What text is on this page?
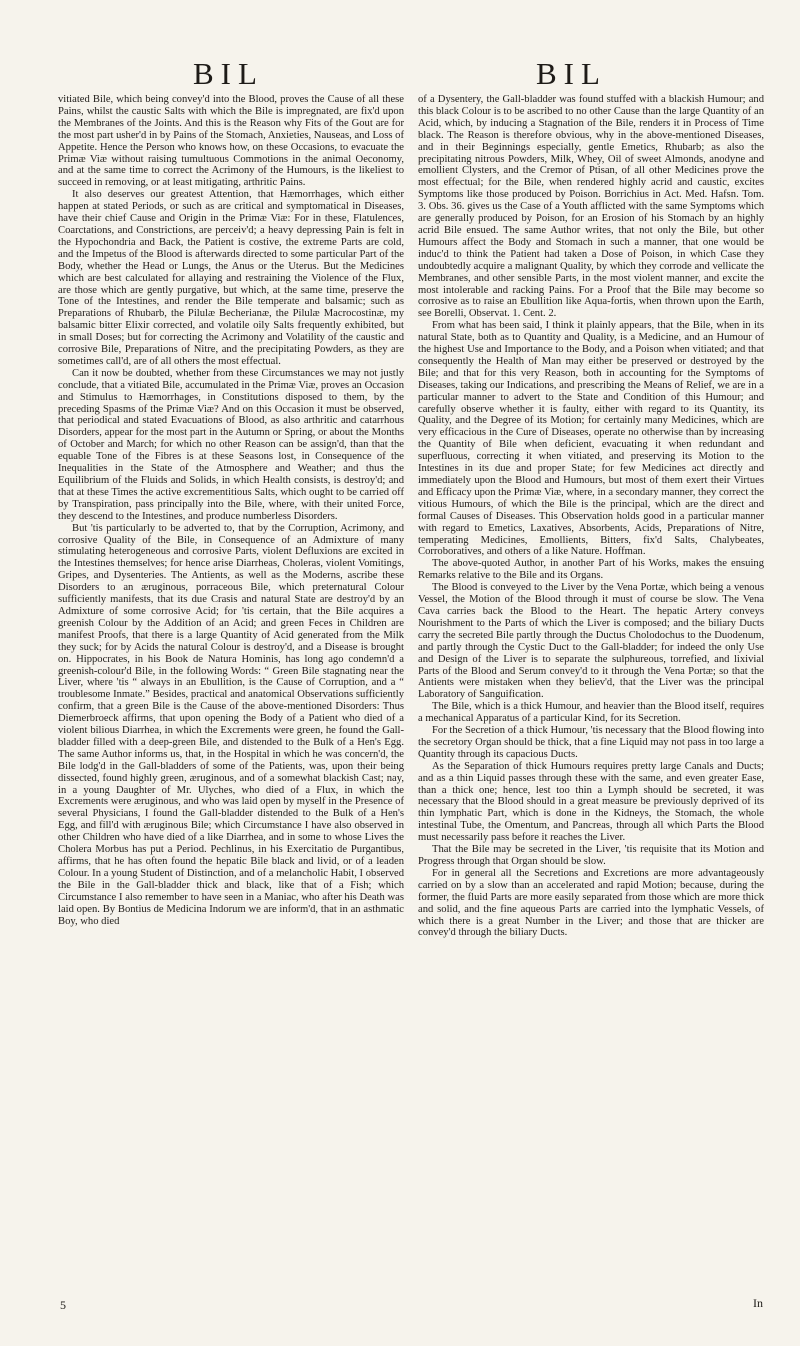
BIL	BIL

vitiated Bile, which being convey'd into the Blood, proves the Cause of all these Pains, whilst the caustic Salts with which the Bile is impregnated, are fix'd upon the Membranes of the Joints. And this is the Reason why Fits of the Gout are for the most part usher'd in by Pains of the Stomach, Anxieties, Nauseas, and Loss of Appetite. Hence the Person who knows how, on these Occasions, to evacuate the Primæ Viæ without raising tumultuous Commotions in the animal Oeconomy, and at the same time to correct the Acrimony of the Humours, is the likeliest to succeed in removing, or at least mitigating, arthritic Pains.

It also deserves our greatest Attention, that Hæmorrhages, which either happen at stated Periods, or such as are critical and symptomatical in Diseases, have their chief Cause and Origin in the Primæ Viæ: For in these, Flatulences, Coarctations, and Constrictions, are perceiv'd; a heavy depressing Pain is felt in the Hypochondria and Back, the Patient is costive, the extreme Parts are cold, and the Impetus of the Blood is afterwards directed to some particular Part of the Body, whether the Head or Lungs, the Anus or the Uterus. But the Medicines which are best calculated for allaying and restraining the Violence of the Flux, are those which are gently purgative, but which, at the same time, preserve the Tone of the Intestines, and render the Bile temperate and balsamic; such as Preparations of Rhubarb, the Pilulæ Becherianæ, the Pilulæ Macrocostinæ, my balsamic bitter Elixir corrected, and volatile oily Salts frequently exhibited, but in small Doses; but for correcting the Acrimony and Volatility of the caustic and corrosive Bile, Preparations of Nitre, and the precipitating Powders, as they are sometimes call'd, are of all others the most effectual.

Can it now be doubted, whether from these Circumstances we may not justly conclude, that a vitiated Bile, accumulated in the Primæ Viæ, proves an Occasion and Stimulus to Hæmorrhages, in Constitutions disposed to them, by the preceding Spasms of the Primæ Viæ? And on this Occasion it must be observed, that periodical and stated Evacuations of Blood, as also arthritic and catarrhous Disorders, appear for the most part in the Autumn or Spring, or about the Months of October and March; for which no other Reason can be assign'd, than that the equable Tone of the Fibres is at these Seasons lost, in Consequence of the Inequalities in the State of the Atmosphere and Weather; and thus the Equilibrium of the Fluids and Solids, in which Health consists, is destroy'd; and that at these Times the active excrementitious Salts, which ought to be carried off by Transpiration, pass principally into the Bile, where, with their united Force, they descend to the Intestines, and produce numberless Disorders.

But 'tis particularly to be adverted to, that by the Corruption, Acrimony, and corrosive Quality of the Bile, in Consequence of an Admixture of many stimulating heterogeneous and corrosive Parts, violent Defluxions are excited in the Intestines themselves; for hence arise Diarrheas, Choleras, violent Vomitings, Gripes, and Dysenteries. The Antients, as well as the Moderns, ascribe these Disorders to an æruginous, porraceous Bile, which preternatural Colour sufficiently manifests, that its due Crasis and natural State are destroy'd by an Admixture of some corrosive Acid; for 'tis certain, that the Bile acquires a greenish Colour by the Addition of an Acid; and green Feces in Children are manifest Proofs, that there is a large Quantity of Acid generated from the Milk they suck; for by Acids the natural Colour is destroy'd, and a Disease is brought on. Hippocrates, in his Book de Natura Hominis, has long ago condemn'd a greenish-colour'd Bile, in the following Words: “ Green Bile stagnating near the Liver, where 'tis “ always in an Ebullition, is the Cause of Corruption, and a “ troublesome Inmate.” Besides, practical and anatomical Observations sufficiently confirm, that a green Bile is the Cause of the above-mentioned Disorders: Thus Diemerbroeck affirms, that upon opening the Body of a Patient who died of a violent bilious Diarrhea, in which the Excrements were green, he found the Gall-bladder filled with a deep-green Bile, and distended to the Bulk of a Hen's Egg. The same Author informs us, that, in the Hospital in which he was concern'd, the Bile lodg'd in the Gall-bladders of some of the Patients, was, upon their being dissected, found highly green, æruginous, and of a somewhat blackish Cast; nay, in a young Daughter of Mr. Ulyches, who died of a Flux, in which the Excrements were æruginous, and who was laid open by myself in the Presence of several Physicians, I found the Gall-bladder distended to the Bulk of a Hen's Egg, and fill'd with æruginous Bile; which Circumstance I have also observed in other Children who have died of a like Diarrhea, and in some to whose Lives the Cholera Morbus has put a Period. Pechlinus, in his Exercitatio de Purgantibus, affirms, that he has often found the hepatic Bile black and livid, or of a leaden Colour. In a young Student of Distinction, and of a melancholic Habit, I observed the Bile in the Gall-bladder thick and black, like that of a Fish; which Circumstance I also remember to have seen in a Maniac, who after his Death was laid open. By Bontius de Medicina Indorum we are inform'd, that in an asthmatic Boy, who died

of a Dysentery, the Gall-bladder was found stuffed with a blackish Humour; and this black Colour is to be ascribed to no other Cause than the large Quantity of an Acid, which, by inducing a Stagnation of the Bile, renders it in Process of Time black. The Reason is therefore obvious, why in the above-mentioned Diseases, and in their Beginnings especially, gentle Emetics, Rhubarb; as also the precipitating nitrous Powders, Milk, Whey, Oil of sweet Almonds, anodyne and emollient Clysters, and the Cremor of Ptisan, of all other Medicines prove the most effectual; for the Bile, when rendered highly acrid and caustic, excites Symptoms like those produced by Poison. Borrichius in Act. Med. Hafsn. Tom. 3. Obs. 36. gives us the Case of a Youth afflicted with the same Symptoms which are generally produced by Poison, for an Erosion of his Stomach by an highly acrid Bile ensued. The same Author writes, that not only the Bile, but other Humours affect the Body and Stomach in such a manner, that one would be induc'd to think the Patient had taken a Dose of Poison, in which Case they undoubtedly acquire a malignant Quality, by which they corrode and vellicate the Membranes, and other sensible Parts, in the most violent manner, and excite the most intolerable and racking Pains. For a Proof that the Bile may become so corrosive as to raise an Ebullition like Aqua-fortis, when thrown upon the Earth, see Borelli, Observat. 1. Cent. 2.

From what has been said, I think it plainly appears, that the Bile, when in its natural State, both as to Quantity and Quality, is a Medicine, and an Humour of the highest Use and Importance to the Body, and a Poison when vitiated; and that consequently the Health of Man may either be preserved or destroyed by the Bile; and that for this very Reason, both in accounting for the Symptoms of Diseases, taking our Indications, and prescribing the Means of Relief, we are in a particular manner to advert to the State and Condition of this Humour; and carefully observe whether it is faulty, either with regard to its Quantity, its Quality, and the Degree of its Motion; for certainly many Medicines, which are very efficacious in the Cure of Diseases, operate no otherwise than by increasing the Quantity of Bile when deficient, evacuating it when redundant and superfluous, correcting it when vitiated, and preserving its Motion to the Intestines in its due and proper State; for few Medicines act directly and immediately upon the Blood and Humours, but most of them exert their Virtues and Efficacy upon the Primæ Viæ, where, in a secondary manner, they correct the vitious Humours, of which the Bile is the principal, which are the direct and formal Causes of Diseases. This Observation holds good in a particular manner with regard to Emetics, Laxatives, Absorbents, Acids, Preparations of Nitre, temperating Medicines, Emollients, Bitters, fix'd Salts, Chalybeates, Corroboratives, and others of a like Nature. Hoffman.

The above-quoted Author, in another Part of his Works, makes the ensuing Remarks relative to the Bile and its Organs.

The Blood is conveyed to the Liver by the Vena Portæ, which being a venous Vessel, the Motion of the Blood through it must of course be slow. The Vena Cava carries back the Blood to the Heart. The hepatic Artery conveys Nourishment to the Parts of which the Liver is composed; and the biliary Ducts carry the secreted Bile partly through the Ductus Cholodochus to the Duodenum, and partly through the Cystic Duct to the Gall-bladder; for indeed the only Use and Design of the Liver is to separate the sulphureous, torrefied, and lixivial Parts of the Blood and Serum convey'd to it through the Vena Portæ; so that the Antients were mistaken when they believ'd, that the Liver was the principal Laboratory of Sanguification.

The Bile, which is a thick Humour, and heavier than the Blood itself, requires a mechanical Apparatus of a particular Kind, for its Secretion.

For the Secretion of a thick Humour, 'tis necessary that the Blood flowing into the secretory Organ should be thick, that a fine Liquid may not pass in too large a Quantity through its capacious Ducts.

As the Separation of thick Humours requires pretty large Canals and Ducts; and as a thin Liquid passes through these with the same, and even greater Ease, than a thick one; hence, lest too thin a Lymph should be secreted, it was necessary that the Blood should in a great measure be previously deprived of its thin lymphatic Part, which is done in the Kidneys, the Stomach, the whole intestinal Tube, the Omentum, and Pancreas, through all which Parts the Blood must necessarily pass before it reaches the Liver.

That the Bile may be secreted in the Liver, 'tis requisite that its Motion and Progress through that Organ should be slow.

For in general all the Secretions and Excretions are more advantageously carried on by a slow than an accelerated and rapid Motion; because, during the former, the fluid Parts are more easily separated from those which are more thick and solid, and the fine aqueous Parts are carried into the lymphatic Vessels, of which there is a great Number in the Liver; and those that are thicker are convey'd through the biliary Ducts.

5	In
